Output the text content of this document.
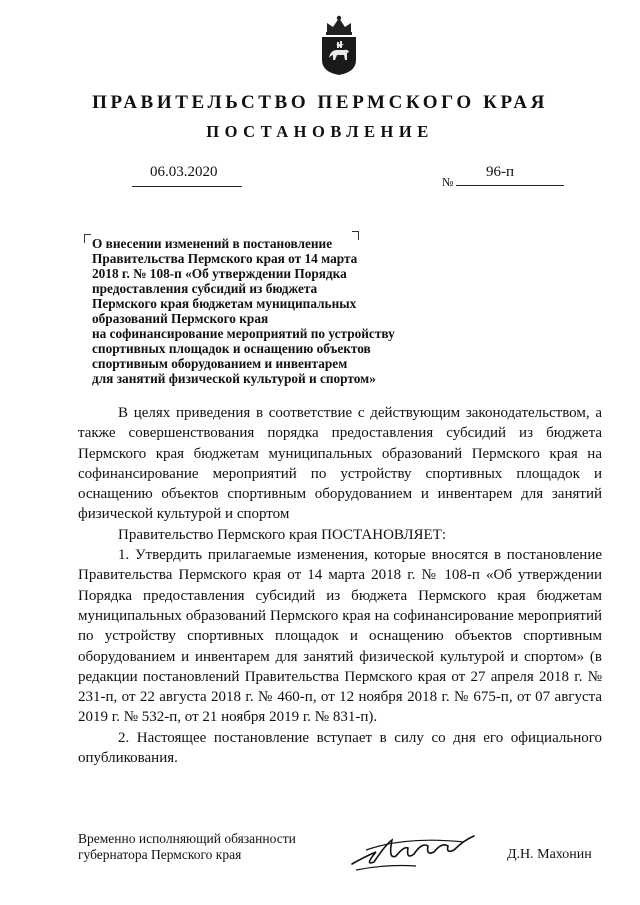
ПРАВИТЕЛЬСТВО ПЕРМСКОГО КРАЯ
ПОСТАНОВЛЕНИЕ
06.03.2020
№
96-п
О внесении изменений в постановление
Правительства Пермского края от 14 марта
2018 г. № 108-п «Об утверждении Порядка
предоставления субсидий из бюджета
Пермского края бюджетам муниципальных
образований Пермского края
на софинансирование мероприятий по устройству
спортивных площадок и оснащению объектов
спортивным оборудованием и инвентарем
для занятий физической культурой и спортом»

В целях приведения в соответствие с действующим законодательством, а также совершенствования порядка предоставления субсидий из бюджета Пермского края бюджетам муниципальных образований Пермского края на софинансирование мероприятий по устройству спортивных площадок и оснащению объектов спортивным оборудованием и инвентарем для занятий физической культурой и спортом

Правительство Пермского края ПОСТАНОВЛЯЕТ:

1. Утвердить прилагаемые изменения, которые вносятся в постановление Правительства Пермского края от 14 марта 2018 г. № 108-п «Об утверждении Порядка предоставления субсидий из бюджета Пермского края бюджетам муниципальных образований Пермского края на софинансирование мероприятий по устройству спортивных площадок и оснащению объектов спортивным оборудованием и инвентарем для занятий физической культурой и спортом» (в редакции постановлений Правительства Пермского края от 27 апреля 2018 г. № 231-п, от 22 августа 2018 г. № 460-п, от 12 ноября 2018 г. № 675-п, от 07 августа 2019 г. № 532-п, от 21 ноября 2019 г. № 831-п).

2. Настоящее постановление вступает в силу со дня его официального опубликования.

Временно исполняющий обязанности
губернатора Пермского края	Д.Н. Махонин
